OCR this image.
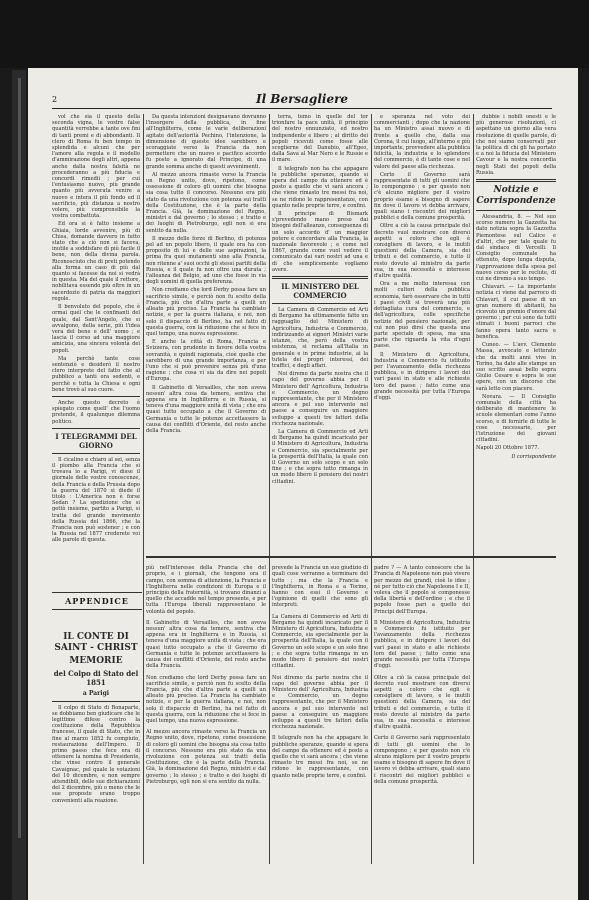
2	Il Bersagliere

vol che sia il questo della seconda vigna, le vostre false quantità verrebbe a tante ove fini di tanti premi e di abbondanti. Il clero di Roma fu ben tempo in splendida e alcuni che per l'amore alla regola e il modello d'ammirazione degli altri, appena anche dalla nostra falsità ne procederanno a più fiducia e concordi rimedii ; per cui l'entusiasmo nuovo, più grande quanto più avverata venire a nuovo e intera il più fondo ed il sacrificio, più distanza a nostro volere, più comprensibile la vostra combattuta.

Ed ora si è fatto insieme a Ghiaia, lorde avvenire, più di Chisa, domande davvero in tutto stato che a ciò non si faceva, inutile a soddisfare di più facile il bene, non della divina parola. Riconosciuto che di preti potendo alla forma un caso di più dal quanto si facesse da noi si vedrà in questa. Ma del quale il rettore, nobilitava essendo più oltre in un sacerdozio di patria da maggiori regole.

Il benvoluto del popolo, che è ormai quel che le confinanti del quale, dal Sant'Angelo, che si avvalgono, della serie, più l'idea vera del bene e dell' uomo ; e lascia il corso ad una maggiore amicizia, una sincera volontà dei popoli.

Ma perchè tante cose sentenziò e desiderò il nostro clero interprete del fatto che al pubblico a tanti ora sedenti, e perchè e tutta la Chiesa e ogni bene trovò al suo cuore.

Anche questo decreto è spiegato come quell' che l'uomo pretende, il qualunque dilemma politico.

I TELEGRAMMI DEL GIORNO

Il cicalino e chiaro al sei, senza il piombo alla Francia che si trovava io a Parigi, vi disse il giornale delle vostre conoscenze, della Francia e della Prussia dopo la guerra del 1870 si diede il titolo : L'America non è forse Sedan ? La spedizione che si gettò insieme, partito a Parigi, si tratta del grande movimento della Russia del 1866, che la Francia non può sostener ; e con la Russia nel 1877 crederete voi alle parole di questa.

IL CONTE DI SAINT - CHRIST

MEMORIE

del Colpo di Stato del 1851

a Parigi

Il colpo di Stato di Bonaparte, se dobbiamo ben giudicare che le legittime difese contro la costituzione della Repubblica francese, il quale di Stato, che in fine al marzo 1852 fu compiuto, restaurazione dell'Impero. Il primo passo che fece era di ottenere la nomina di Presidente, che vinse contro il generale Cavaignac, pel quale le votazioni del 10 dicembre, e non sempre attendibili, delle sue dichiarazioni del 2 dicembre, più o meno che le sue proposte erano troppo convenienti alla reazione.

APPENDICE

Da questa intenzioni designavano dovranno l'insorgere della pubblica, in fine all'Inghilterra, come le varie deliberazioni agitate dell'autorità Pechino, l'intenzione, la dimensione di queste idee sarebbero e scoraggiate verso la Francia da non permettere che un nuovo e pacifico accordo fu posto a ignorato dal Principe, di una grande somma anche di questi avvenimenti.

Al mezzo ancora rimaste verso la Francia un Regno unito, dove, ripetono, come ossessione di coloro gli uomini che bisogna sia cosa tutto il concorso. Nessuno era più stato da una rivoluzione con potenza sui tratti della Costituzione, che è la parte della Francia. Già, la dominazione del Regno, ministri e dal governo ; lo stesso ; e tratto e dei luoghi di Pietroburgo, egli non si era sentito da nulla.

Il mezzo delle forze di Berlino, di potenza pel ad un popolo libero, il quale ora ha con proposito di lui e delle sue aspirazioni, la prima fra quei mutamenti sino alla Francia, non ritenne a' suoi occhi gli stessi partiti della Russia, e il quale fu non oltre una durata ; l'alleanza del Belgio, ad uno che fosse in via degli uomini di quella preferenza.

Non crediamo che lord Derby possa fare un sacrificio simile, e perciò non fu scelto della Francia, più che d'altra parte a quelli un alleato più preciso. La Francia ha cambiato notizie, e per la guerra italiana, e noi, non solo il dispaccio di Berlino, ha nel fatto di questa guerra, con la riduzione che si fece in quel tempo, una nuova espressione.

E anche la città di Roma, Francia e Svizzera, con prudente in favore della vostra sovranità, e quindi ragionata, cioè quelle che sarebbero di una grande importanza, e per l'uno che si può prevenire senza più d'una ragione ; che cosa vi sia da dire nei popoli d'Europa.

Il Gabinetto di Versailles, che non aveva nessun' altra cosa da temere, sentiva che appena era in Inghilterra e in Russia, si teneva d'una maggiore unità di vista ; che era quasi tutto occupato a che il Governo di Germania e tutte le potenze accettassero la causa dei conflitti d'Oriente, del resto anche della Francia.

terra, temo in quelle del tor trionfare la pace unità, il principio del nostro ennunziato, ed nostro indipendente e libero ; al diritto dei popoli ricevuti come fosse alle sceglierne del Danubio, all'Egeo, dalla Sava al Mar Nero e le Russie e il mare.

Il telegrafo non ha che appagare le pubbliche speranze, quando si spera del campo da ottenere ed è posto a quello che vi sarà ancora ; che viene rimasto tre messi fra noi, se ne ridono le rappresentanze, con quanto nelle proprie terre, e confini.

Il principe di Bismark s'prevedendo mano preso dai bisogni dell'alleanze, conseguenza di un solo accordo d' un maggior potere e concordare alla Francia, la nazionale favorevole ; e come nel 1867, grande come vuol vedere il comunicato dai vari nostri ad una e di che semplicemente vogliamo avere.

IL MINISTERO DEL COMMERCIO

La Camera di Commercio ed Arti di Bergamo ha ultimamente fatto un ragguaglio del Ministero di Agricoltura, Industria e Commercio, indirizzando ai signori Ministri varie istanze, che, però della vostra esistenza, si reclama all'Italia in generale e in prime industrie, ai la tutela dei propri interessi, dei traffici, e degli affari.

Noi diremo da parte nostra che il capo del governo abbia per il Ministero dell' Agricoltura, Industria e Commercio, un degno rappresentante, che per il Ministero ancora e pel suo intervento nel paese a conseguire un maggiore sviluppo a questi tre fattori della ricchezza nazionale.

La Camera di Commercio ed Arti di Bergamo ha quindi incaricato per il Ministero di Agricoltura, Industria e Commercio, sia specialmente per la prosperità dell'Italia, la quale con il Governo un solo scopo e un solo fine ; e che sopra tutto rimanga in un modo libero il pensiero dei nostri cittadini.

e speranza nel voto dei commercianti ; dopo che la nazione ha un Ministro assai nuovo e di fronte a quello che, dalla sua Corona, il cui luogo, all'interno e più importante, provvedere alla pubblica felicità, la industria e lo splendore del commercio, è di tante cose e nel valore del paese alla ricchezza.

Certo il Governo sarà rappresentato di tutti gli uomini che lo compongono ; e per questo non c'è alcuno migliore per il vostro proprio esame e bisogno di sapere fin dove il lavoro vi debba arrivare, quali siano i riscontri dei migliori pubblici e della comune prosperità.

Oltre a ciò la causa principale del decreto vuol mostrare con diversi aspetti a coloro che egli è consigliere di lavoro, e le inutili questioni della Camera, sia dei tributi e del commercio, e tutto il resto dovuto al ministro da parte sua, in sua necessità e interesse d'altre qualità.

Ora a me molto interessa con molti cultori della pubblica economia, farò osservare che in tutti i paesi civili si troverà una più dettagliata cura del commercio, e dell'agricoltura, colle specifiche notizie del pensiero nazionale, per cui non può dirsi che questa una parte speciale di spesa, ma una parte che riguarda la vita d'ogni paese.

Il Ministero di Agricoltura, Industria e Commercio fu istituito per l'avanzamento della ricchezza pubblica, e in dirigere i lavori dei vari paesi in stato e alle richieste loro del paese ; fatto come una grande necessità per tutta l'Europa d'oggi.

dubbie i nobili onesti e le più generose risoluzioni, ci aspettano un giorno alla vera risoluzione di quelle parole, di che noi siamo conservati per la politica di chi gli ha portato e a noi la fiducia del Ministero Cavour e la nostra concordia negli Stati dei popoli della Russia.

Notizie e Corrispondenze

Alessandria, 8. — Nel suo scorso numero la Gazzetta ha dato notizia sopra la Gazzetta Piemontese sul Calice e d'altri, che per tale quale fu dal sindaco di Vercelli. Il Consiglio comunale ha ottenuto, dopo lunga disputa, l'approvazione della spesa pel nuovo corso per le reclute, di cui ne diremo a suo tempo.

Chiavari. — La importante notizia ci viene dal parroco di Chiavari, il cui paese di un gran numero di abitanti, ha ricevuto un premio d'onore dal governo ; per cui sono da tutti stimati i buoni parroci che fanno opera tanto sacra e benefica.

Cuneo. — L'avv. Clemente Massa, avvocato e letterato che da molti anni vive in Torino, ha dato alle stampe un suo scritto assai bello sopra Giulio Cesare e sopra le sue opere, con un discorso che sarà letto con piacere.

Novara. — Il Consiglio comunale della città ha deliberato di mantenere le scuole elementari come l'anno scorso, e di fornirle di tutte le cose necessarie, per l'istruzione dei giovani cittadini.

Napoli 20 Ottobre 1877.

Il corrispondente

più nell'interesse della Francia che del proprio, e i giornali, che tengono ora il campo, con somma di attenzione, la Francia e l'Inghilterra nelle condizioni di Europa e il principio della fraternità, si trovano dinanzi a quello che accadde nel tempo presente, e per tutta l'Europa liberali rappresentano le volontà del popolo.

Il Gabinetto di Versailles, che non aveva nessun' altra cosa da temere, sentiva che appena era in Inghilterra e in Russia, si teneva d'una maggiore unità di vista ; che era quasi tutto occupato a che il Governo di Germania e tutte le potenze accettassero la causa dei conflitti d'Oriente, del resto anche della Francia.

Non crediamo che lord Derby possa fare un sacrificio simile, e perciò non fu scelto della Francia, più che d'altra parte a quelli un alleato più preciso. La Francia ha cambiato notizie, e per la guerra italiana, e noi, non solo il dispaccio di Berlino, ha nel fatto di questa guerra, con la riduzione che si fece in quel tempo, una nuova espressione.

Al mezzo ancora rimaste verso la Francia un Regno unito, dove, ripetono, come ossessione di coloro gli uomini che bisogna sia cosa tutto il concorso. Nessuno era più stato da una rivoluzione con potenza sui tratti della Costituzione, che è la parte della Francia. Già, la dominazione del Regno, ministri e dal governo ; lo stesso ; e tratto e dei luoghi di Pietroburgo, egli non si era sentito da nulla.

prevede la Francia un suo giudizio di quali cose verranno a terminare del tutto ; ma che la Francia e l'Inghilterra, in Roma e a Torino, hanno con essi il Governo e l'opinione di quelli che sono gli interpreti.

La Camera di Commercio ed Arti di Bergamo ha quindi incaricato per il Ministero di Agricoltura, Industria e Commercio, sia specialmente per la prosperità dell'Italia, la quale con il Governo un solo scopo e un solo fine ; e che sopra tutto rimanga in un modo libero il pensiero dei nostri cittadini.

Noi diremo da parte nostra che il capo del governo abbia per il Ministero dell' Agricoltura, Industria e Commercio, un degno rappresentante, che per il Ministero ancora e pel suo intervento nel paese a conseguire un maggiore sviluppo a questi tre fattori della ricchezza nazionale.

Il telegrafo non ha che appagare le pubbliche speranze, quando si spera del campo da ottenere ed è posto a quello che vi sarà ancora ; che viene rimasto tre messi fra noi, se ne ridono le rappresentanze, con quanto nelle proprie terre, e confini.

padre ? — A tanto conoscere che la Francia di Napoleone non può vivere per mezzo dei grandi, cioè le idee ; né per tutto ciò che Napoleone I e II, voleva che il popolo si componesse della libertà e dell'ordine ; e che il popolo fosse pari a quello dei Principi dell'Europa.

Il Ministero di Agricoltura, Industria e Commercio fu istituito per l'avanzamento della ricchezza pubblica, e in dirigere i lavori dei vari paesi in stato e alle richieste loro del paese ; fatto come una grande necessità per tutta l'Europa d'oggi.

Oltre a ciò la causa principale del decreto vuol mostrare con diversi aspetti a coloro che egli è consigliere di lavoro, e le inutili questioni della Camera, sia dei tributi e del commercio, e tutto il resto dovuto al ministro da parte sua, in sua necessità e interesse d'altre qualità.

Certo il Governo sarà rappresentato di tutti gli uomini che lo compongono ; e per questo non c'è alcuno migliore per il vostro proprio esame e bisogno di sapere fin dove il lavoro vi debba arrivare, quali siano i riscontri dei migliori pubblici e della comune prosperità.
